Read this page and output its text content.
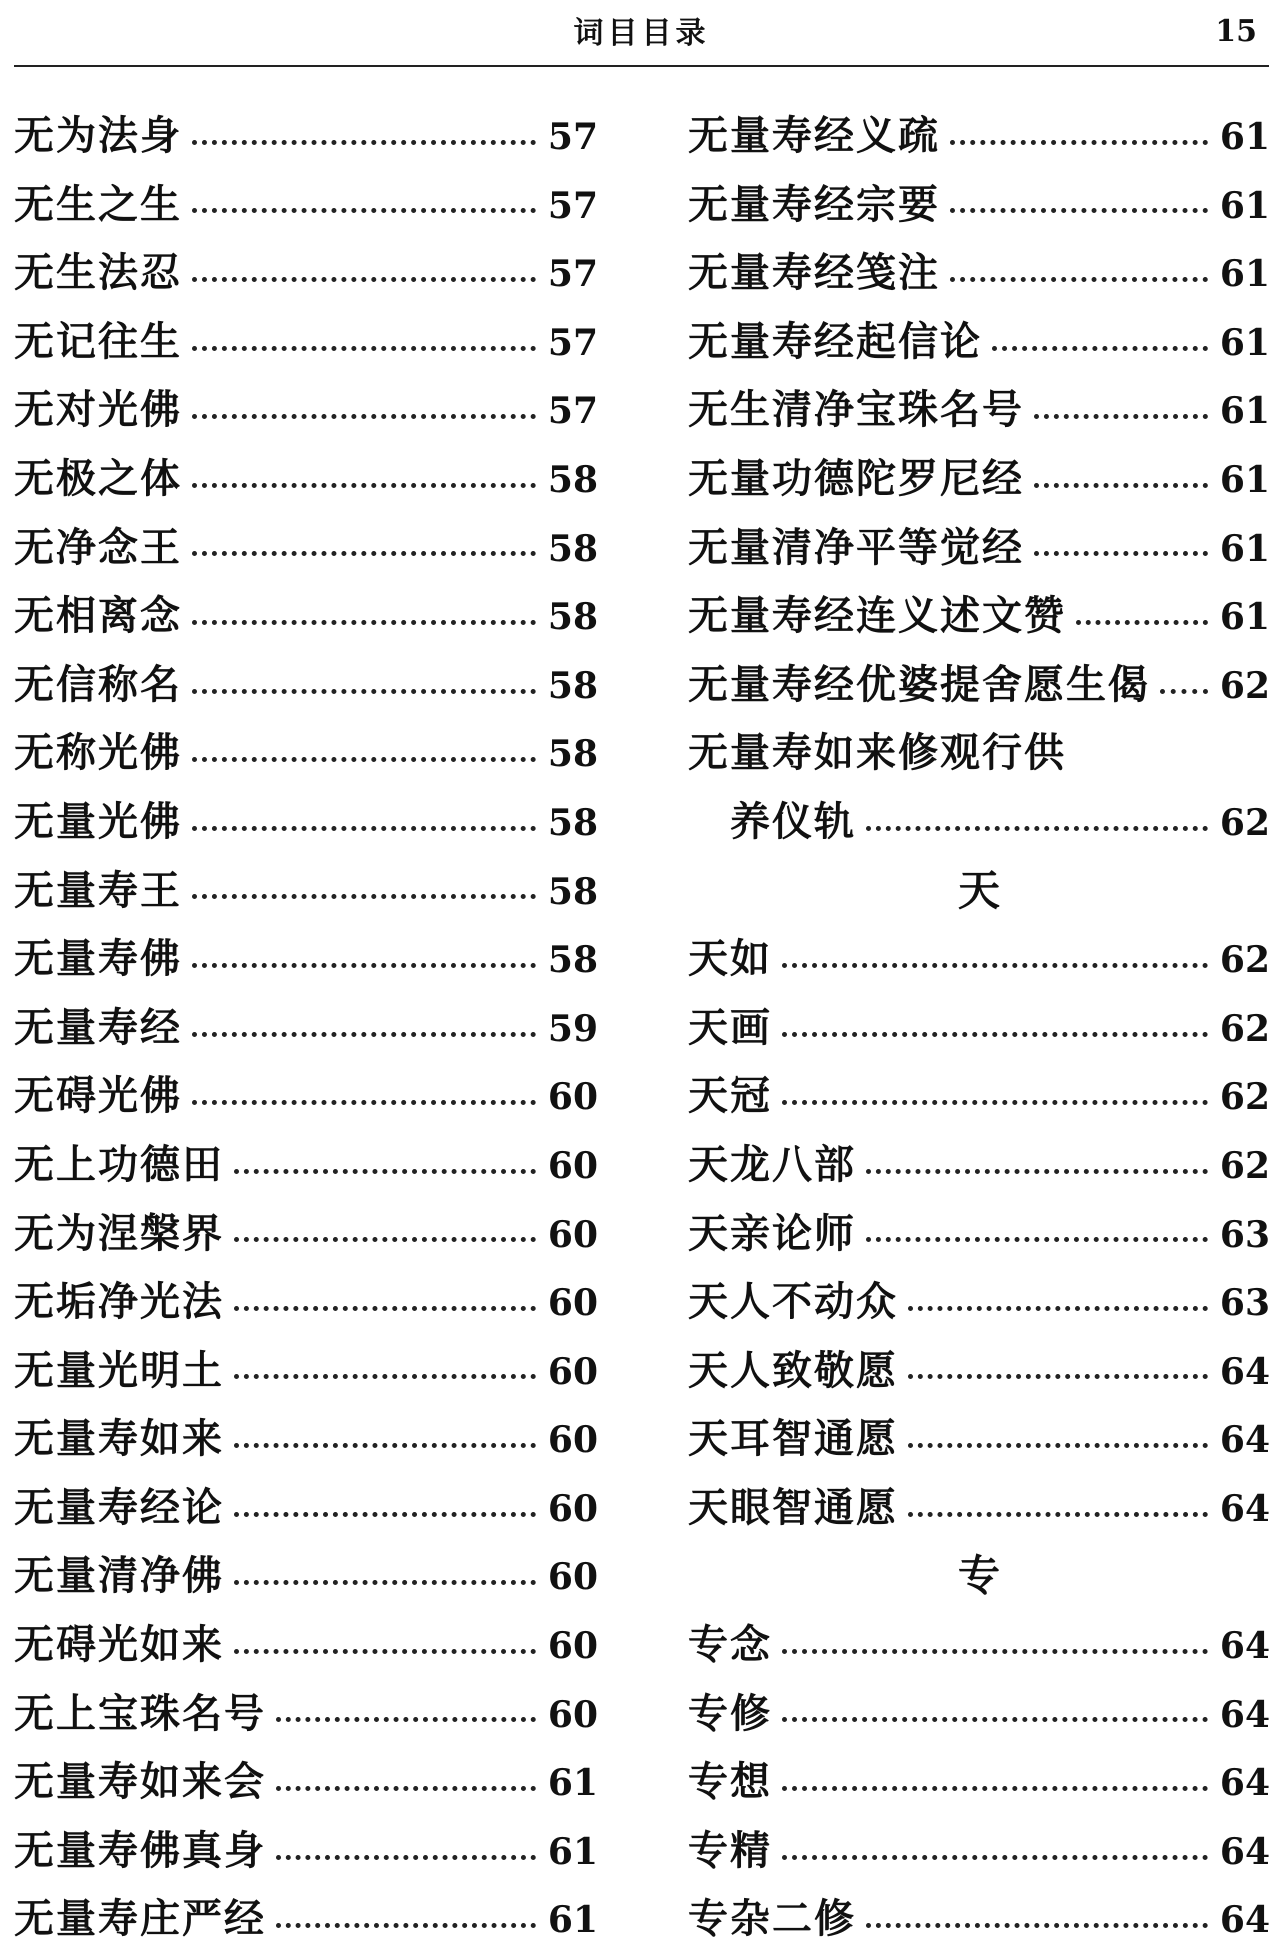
词目目录	15
无为法身	57
无生之生	57
无生法忍	57
无记往生	57
无对光佛	57
无极之体	58
无净念王	58
无相离念	58
无信称名	58
无称光佛	58
无量光佛	58
无量寿王	58
无量寿佛	58
无量寿经	59
无碍光佛	60
无上功德田	60
无为涅槃界	60
无垢净光法	60
无量光明土	60
无量寿如来	60
无量寿经论	60
无量清净佛	60
无碍光如来	60
无上宝珠名号	60
无量寿如来会	61
无量寿佛真身	61
无量寿庄严经	61
无量寿经义疏	61
无量寿经宗要	61
无量寿经笺注	61
无量寿经起信论	61
无生清净宝珠名号	61
无量功德陀罗尼经	61
无量清净平等觉经	61
无量寿经连义述文赞	61
无量寿经优婆提舍愿生偈 62
无量寿如来修观行供
养仪轨	62
天
天如	62
天画	62
天冠	62
天龙八部	62
天亲论师	63
天人不动众	63
天人致敬愿	64
天耳智通愿	64
天眼智通愿	64
专
专念	64
专修	64
专想	64
专精	64
专杂二修	64
